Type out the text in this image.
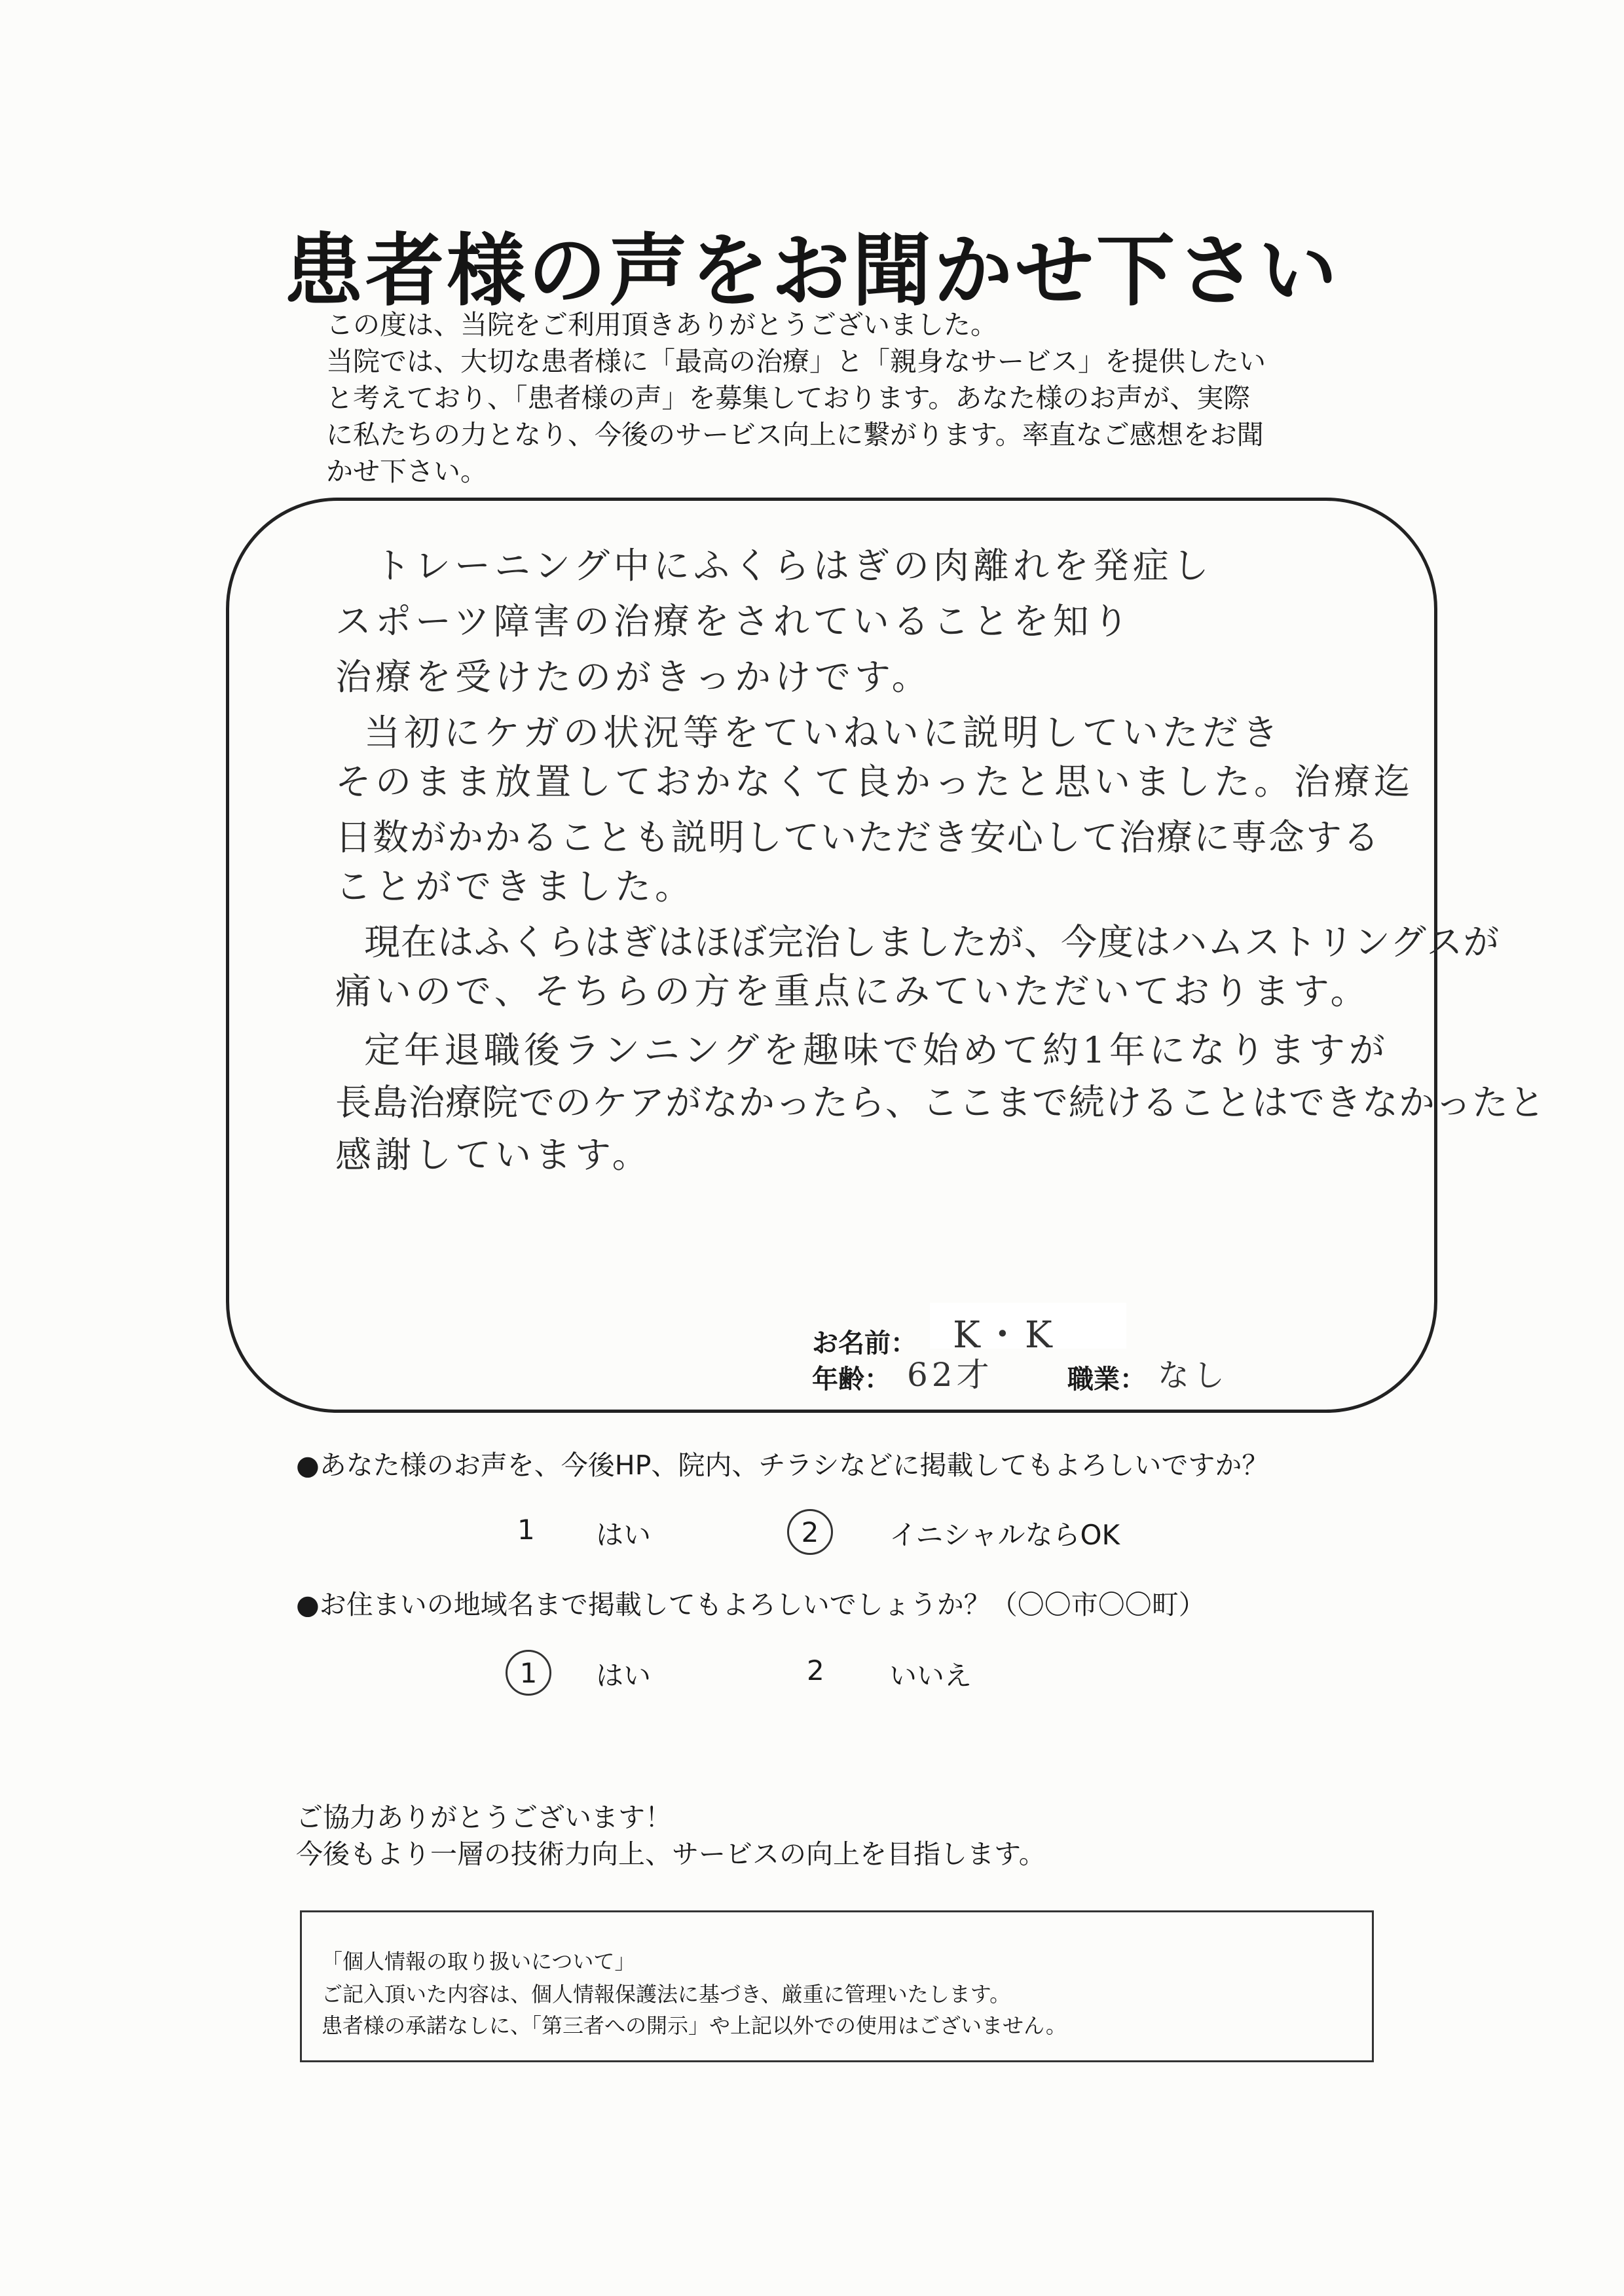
患者様の声をお聞かせ下さい
この度は、当院をご利用頂きありがとうございました。
当院では、大切な患者様に「最高の治療」と「親身なサービス」を提供したい
と考えており、「患者様の声」を募集しております。あなた様のお声が、実際
に私たちの力となり、今後のサービス向上に繋がります。率直なご感想をお聞
かせ下さい。
トレーニング中にふくらはぎの肉離れを発症し
スポーツ障害の治療をされていることを知り
治療を受けたのがきっかけです。
当初にケガの状況等をていねいに説明していただき
そのまま放置しておかなくて良かったと思いました。治療迄
日数がかかることも説明していただき安心して治療に専念する
ことができました。
現在はふくらはぎはほぼ完治しましたが、今度はハムストリングスが
痛いので、そちらの方を重点にみていただいております。
定年退職後ランニングを趣味で始めて約1年になりますが
長島治療院でのケアがなかったら、ここまで続けることはできなかったと
感謝しています。
お名前： K・K
年齢： 62才	職業： なし
●あなた様のお声を、今後HP、院内、チラシなどに掲載してもよろしいですか？
1 はい	2	イニシャルならOK
●お住まいの地域名まで掲載してもよろしいでしょうか？（〇〇市〇〇町）
1 はい	2 いいえ
ご協力ありがとうございます！
今後もより一層の技術力向上、サービスの向上を目指します。
「個人情報の取り扱いについて」
ご記入頂いた内容は、個人情報保護法に基づき、厳重に管理いたします。
患者様の承諾なしに、「第三者への開示」や上記以外での使用はございません。
